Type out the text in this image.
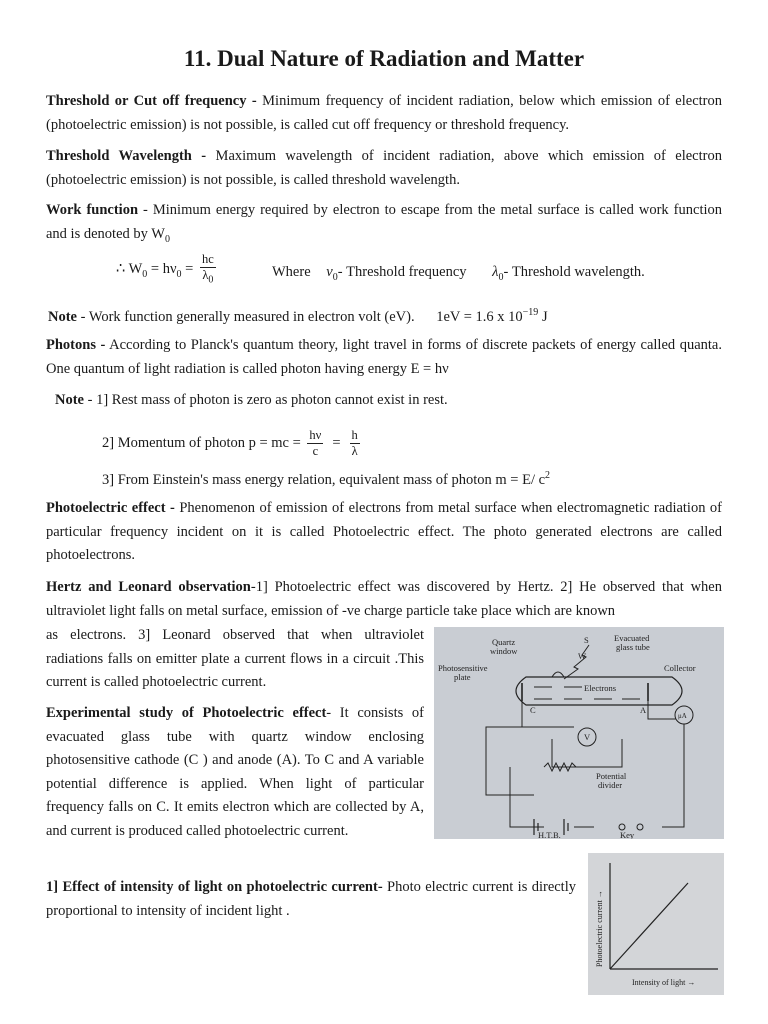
11. Dual Nature of Radiation and Matter
Threshold or Cut off frequency - Minimum frequency of incident radiation, below which emission of electron (photoelectric emission) is not possible, is called cut off frequency or threshold frequency.
Threshold Wavelength - Maximum wavelength of incident radiation, above which emission of electron (photoelectric emission) is not possible, is called threshold wavelength.
Work function - Minimum energy required by electron to escape from the metal surface is called work function and is denoted by $W_0$
∴ $W_0 = h\nu_0 = \frac{hc}{\lambda_0}$	Where $\nu_0-$ Threshold frequency $\lambda_0-$ Threshold wavelength.
Note - Work function generally measured in electron volt (eV). 1eV = 1.6 x $10^{-19}$ J
Photons - According to Planck's quantum theory, light travel in forms of discrete packets of energy called quanta. One quantum of light radiation is called photon having energy E = hν
Note - 1] Rest mass of photon is zero as photon cannot exist in rest.
2] Momentum of photon p = mc = $\frac{h\nu}{c} = \frac{h}{\lambda}$
3] From Einstein's mass energy relation, equivalent mass of photon m = E/ $c^2$
Photoelectric effect - Phenomenon of emission of electrons from metal surface when electromagnetic radiation of particular frequency incident on it is called Photoelectric effect. The photo generated electrons are called photoelectrons.
Hertz and Leonard observation-1] Photoelectric effect was discovered by Hertz. 2] He observed that when ultraviolet light falls on metal surface, emission of -ve charge particle take place which are known
as electrons. 3] Leonard observed that when ultraviolet radiations falls on emitter plate a current flows in a circuit .This current is called photoelectric current.
Experimental study of Photoelectric effect- It consists of evacuated glass tube with quartz window enclosing photosensitive cathode (C ) and anode (A). To C and A variable potential difference is applied. When light of particular frequency falls on C. It emits electron which are collected by A, and current is produced called photoelectric current.
1] Effect of intensity of light on photoelectric current- Photo electric current is directly proportional to intensity of incident light .
Quartz
window
Photosensitive
plate
Evacuated
glass tube
Collector
Electrons
S
W
C	A
μA
V
Potential
divider
H.T.B.	Key
Photoelectric current →
Intensity of light →
